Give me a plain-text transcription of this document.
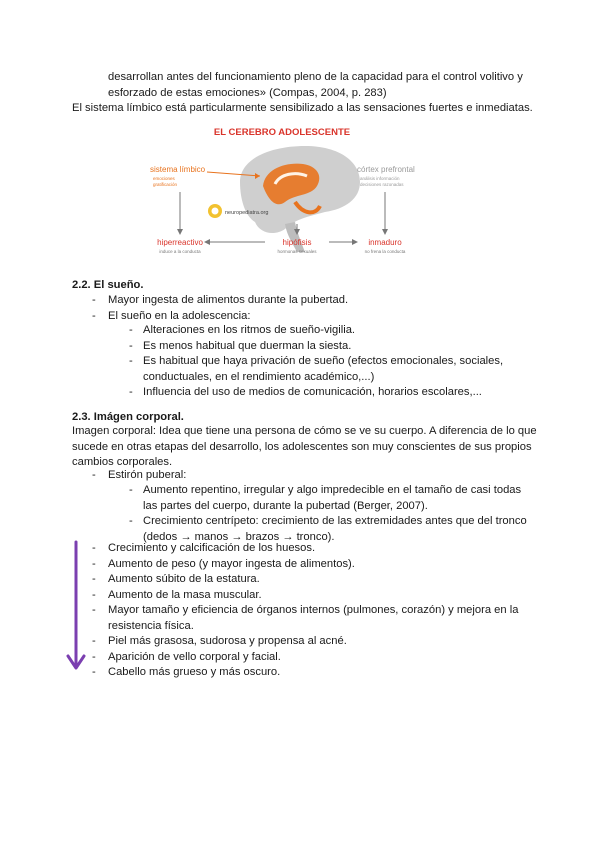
desarrollan antes del funcionamiento pleno de la capacidad para el control volitivo y
esforzado de estas emociones» (Compas, 2004, p. 283)
El sistema límbico está particularmente sensibilizado a las sensaciones fuertes e inmediatas.
EL CEREBRO ADOLESCENTE
neuropediatra.org
sistema límbico
emociones
gratificación
córtex prefrontal
análisis información
decisiones razonadas
hiperreactivo
induce a la conducta
hipófisis
hormonas sexuales
inmaduro
no frena la conducta
2.2. El sueño.
- Mayor ingesta de alimentos durante la pubertad.
- El sueño en la adolescencia:
- Alteraciones en los ritmos de sueño-vigilia.
- Es menos habitual que duerman la siesta.
- Es habitual que haya privación de sueño (efectos emocionales, sociales, conductuales, en el rendimiento académico,...)
- Influencia del uso de medios de comunicación, horarios escolares,...
2.3. Imágen corporal.
Imagen corporal: Idea que tiene una persona de cómo se ve su cuerpo. A diferencia de lo que sucede en otras etapas del desarrollo, los adolescentes son muy conscientes de sus propios cambios corporales.
- Estirón puberal:
- Aumento repentino, irregular y algo impredecible en el tamaño de casi todas las partes del cuerpo, durante la pubertad (Berger, 2007).
- Crecimiento centrípeto: crecimiento de las extremidades antes que del tronco (dedos → manos → brazos → tronco).
- Crecimiento y calcificación de los huesos.
- Aumento de peso (y mayor ingesta de alimentos).
- Aumento súbito de la estatura.
- Aumento de la masa muscular.
- Mayor tamaño y eficiencia de órganos internos (pulmones, corazón) y mejora en la resistencia física.
- Piel más grasosa, sudorosa y propensa al acné.
- Aparición de vello corporal y facial.
- Cabello más grueso y más oscuro.
